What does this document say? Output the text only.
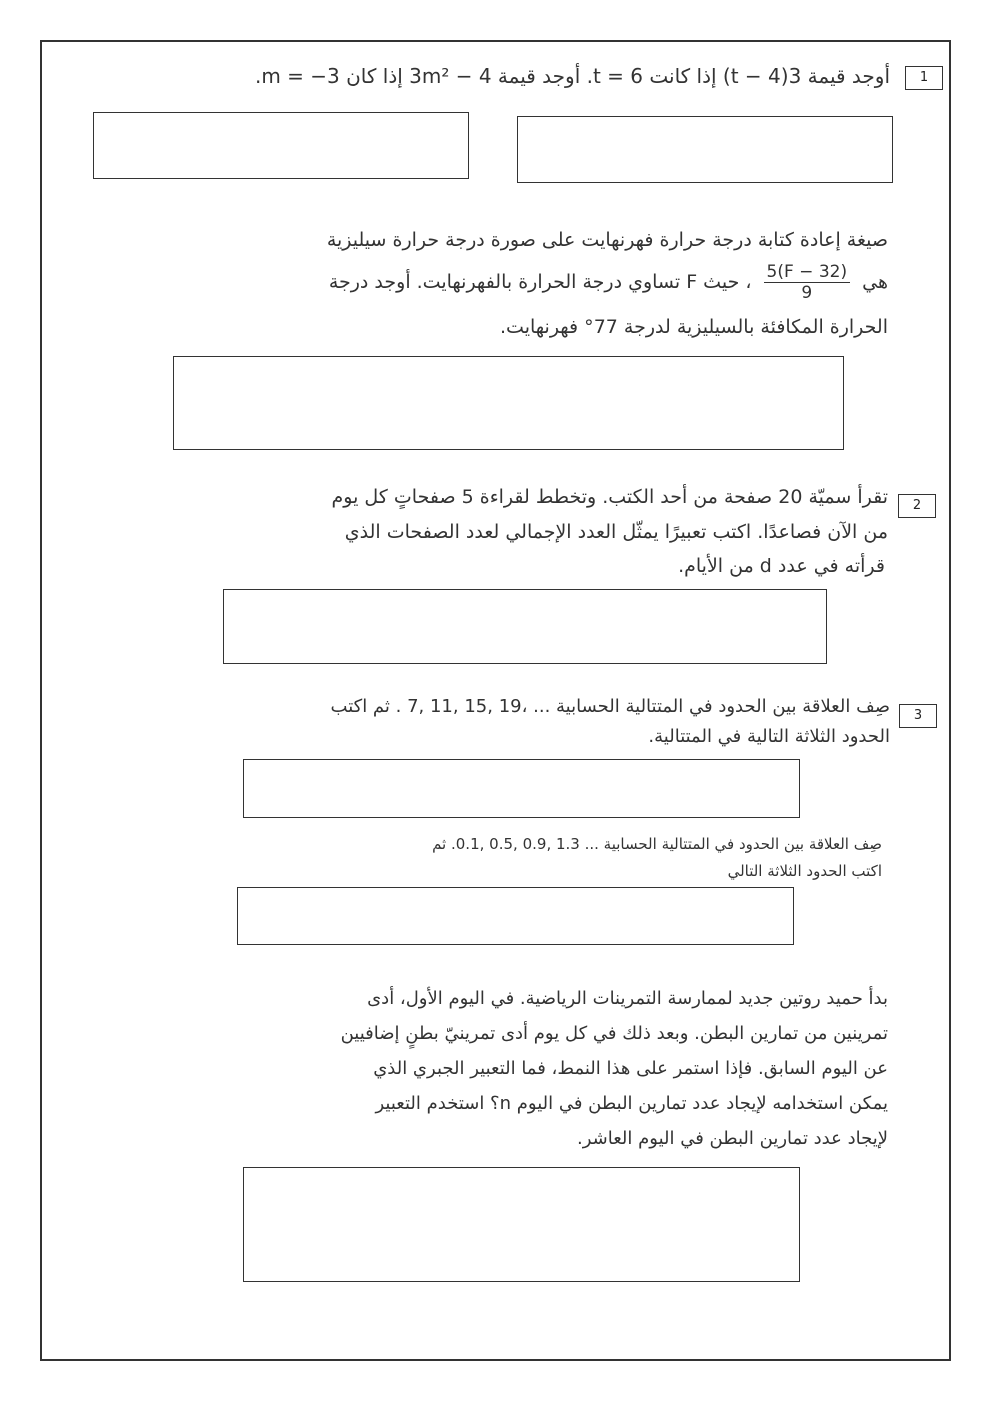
1
أوجد قيمة 3(t − 4) إذا كانت t = 6. أوجد قيمة 3m² − 4 إذا كان m = −3.
صيغة إعادة كتابة درجة حرارة فهرنهايت على صورة درجة حرارة سيليزية
هي
$\frac{5(F - 32)}{9}$
، حيث F تساوي درجة الحرارة بالفهرنهايت. أوجد درجة
الحرارة المكافئة بالسيليزية لدرجة 77° فهرنهايت.
2
تقرأ سميّة 20 صفحة من أحد الكتب. وتخطط لقراءة 5 صفحاتٍ كل يوم
من الآن فصاعدًا. اكتب تعبيرًا يمثّل العدد الإجمالي لعدد الصفحات الذي
قرأته في عدد d من الأيام.
3
صِف العلاقة بين الحدود في المتتالية الحسابية ... ،19 ,15 ,11 ,7 . ثم اكتب
الحدود الثلاثة التالية في المتتالية.
صِف العلاقة بين الحدود في المتتالية الحسابية ... 1.3 ,0.9 ,0.5 ,0.1. ثم
اكتب الحدود الثلاثة التالي
بدأ حميد روتين جديد لممارسة التمرينات الرياضية. في اليوم الأول، أدى
تمرينين من تمارين البطن. وبعد ذلك في كل يوم أدى تمرينيّ بطنٍ إضافيين
عن اليوم السابق. فإذا استمر على هذا النمط، فما التعبير الجبري الذي
يمكن استخدامه لإيجاد عدد تمارين البطن في اليوم n؟ استخدم التعبير
لإيجاد عدد تمارين البطن في اليوم العاشر.
